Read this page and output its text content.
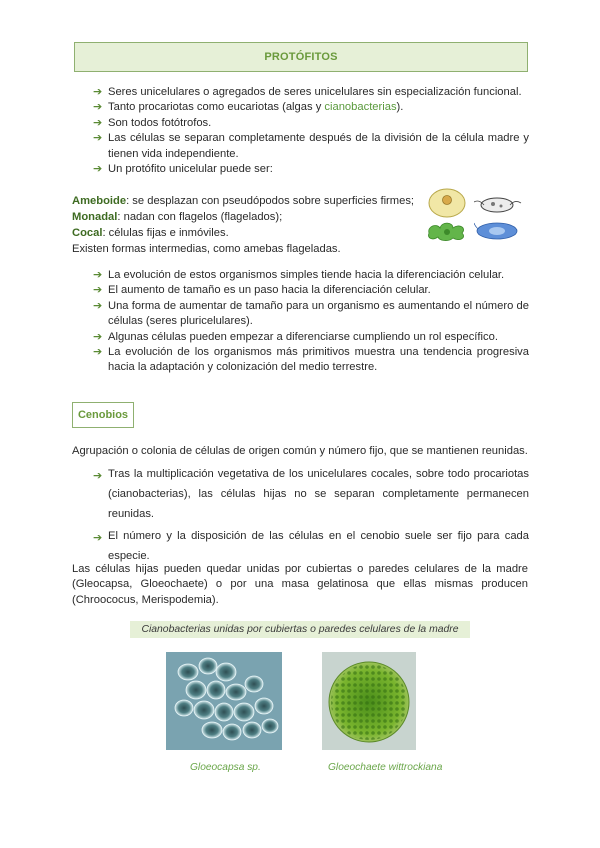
PROTÓFITOS
➔ Seres unicelulares o agregados de seres unicelulares sin especialización funcional.
➔ Tanto procariotas como eucariotas (algas y cianobacterias).
➔ Son todos fotótrofos.
➔ Las células se separan completamente después de la división de la célula madre y tienen vida independiente.
➔ Un protófito unicelular puede ser:
Ameboide: se desplazan con pseudópodos sobre superficies firmes;
Monadal: nadan con flagelos (flagelados);
Cocal: células fijas e inmóviles.
Existen formas intermedias, como amebas flageladas.
➔ La evolución de estos organismos simples tiende hacia la diferenciación celular.
➔ El aumento de tamaño es un paso hacia la diferenciación celular.
➔ Una forma de aumentar de tamaño para un organismo es aumentando el número de células (seres pluricelulares).
➔ Algunas células pueden empezar a diferenciarse cumpliendo un rol específico.
➔ La evolución de los organismos más primitivos muestra una tendencia progresiva hacia la adaptación y colonización del medio terrestre.
Cenobios
Agrupación o colonia de células de origen común y número fijo, que se mantienen reunidas.
➔ Tras la multiplicación vegetativa de los unicelulares cocales, sobre todo procariotas (cianobacterias), las células hijas no se separan completamente permanecen reunidas.
➔ El número y la disposición de las células en el cenobio suele ser fijo para cada especie.
Las células hijas pueden quedar unidas por cubiertas o paredes celulares de la madre (Gleocapsa, Gloeochaete) o por una masa gelatinosa que ellas mismas producen (Chroococus, Merispodemia).
Cianobacterias unidas por cubiertas o paredes celulares de la madre
Gloeocapsa sp.	Gloeochaete wittrockiana
